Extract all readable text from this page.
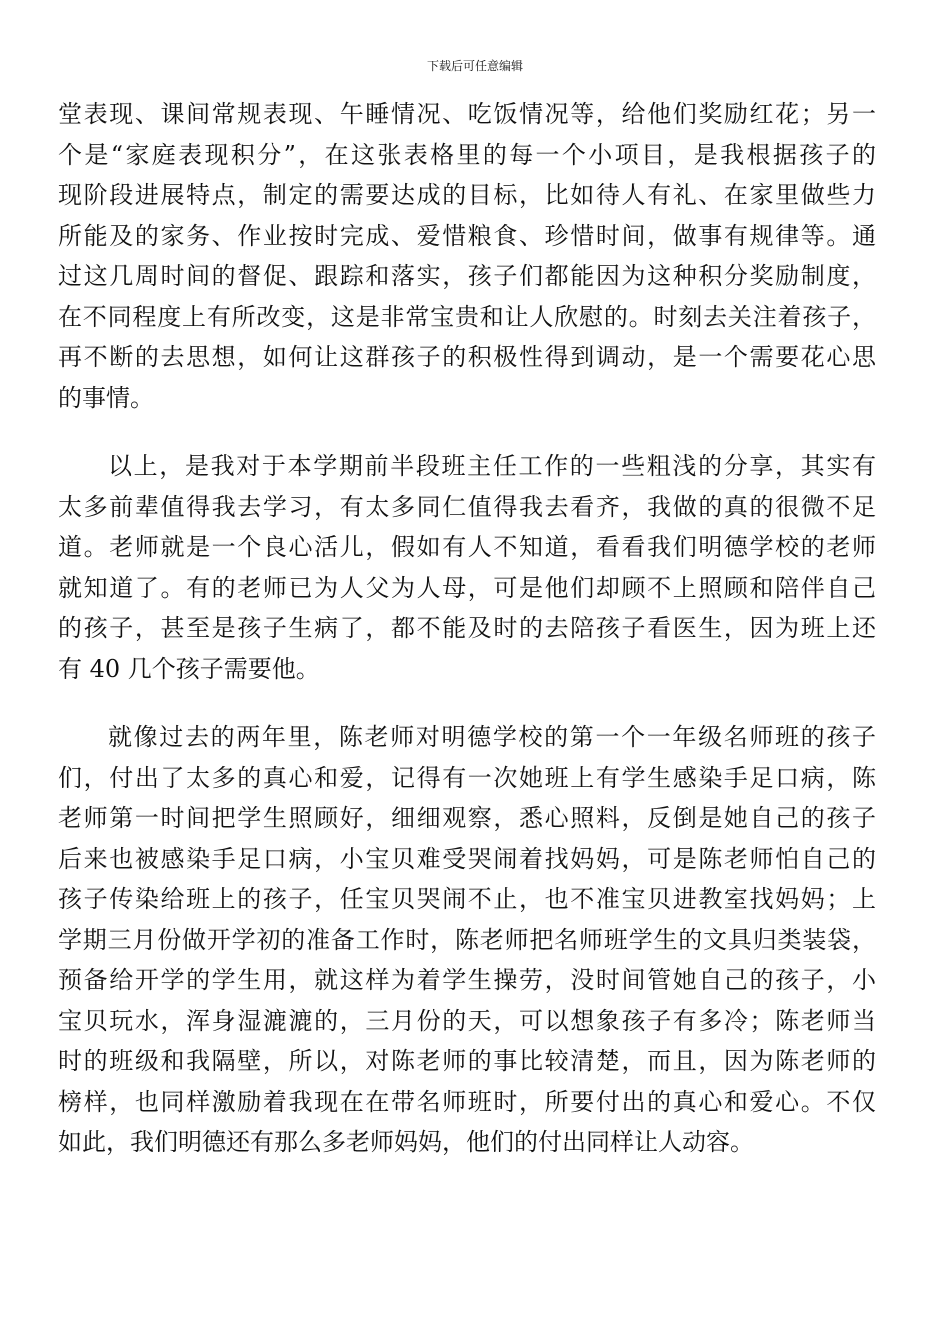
下载后可任意编辑
堂表现、课间常规表现、午睡情况、吃饭情况等，给他们奖励红花；另一
个是“家庭表现积分”，在这张表格里的每一个小项目，是我根据孩子的
现阶段进展特点，制定的需要达成的目标，比如待人有礼、在家里做些力
所能及的家务、作业按时完成、爱惜粮食、珍惜时间，做事有规律等。通
过这几周时间的督促、跟踪和落实，孩子们都能因为这种积分奖励制度，
在不同程度上有所改变，这是非常宝贵和让人欣慰的。时刻去关注着孩子，
再不断的去思想，如何让这群孩子的积极性得到调动，是一个需要花心思
的事情。
以上，是我对于本学期前半段班主任工作的一些粗浅的分享，其实有
太多前辈值得我去学习，有太多同仁值得我去看齐，我做的真的很微不足
道。老师就是一个良心活儿，假如有人不知道，看看我们明德学校的老师
就知道了。有的老师已为人父为人母，可是他们却顾不上照顾和陪伴自己
的孩子，甚至是孩子生病了，都不能及时的去陪孩子看医生，因为班上还
有 40 几个孩子需要他。
就像过去的两年里，陈老师对明德学校的第一个一年级名师班的孩子
们，付出了太多的真心和爱，记得有一次她班上有学生感染手足口病，陈
老师第一时间把学生照顾好，细细观察，悉心照料，反倒是她自己的孩子
后来也被感染手足口病，小宝贝难受哭闹着找妈妈，可是陈老师怕自己的
孩子传染给班上的孩子，任宝贝哭闹不止，也不准宝贝进教室找妈妈；上
学期三月份做开学初的准备工作时，陈老师把名师班学生的文具归类装袋，
预备给开学的学生用，就这样为着学生操劳，没时间管她自己的孩子，小
宝贝玩水，浑身湿漉漉的，三月份的天，可以想象孩子有多冷；陈老师当
时的班级和我隔壁，所以，对陈老师的事比较清楚，而且，因为陈老师的
榜样，也同样激励着我现在在带名师班时，所要付出的真心和爱心。不仅
如此，我们明德还有那么多老师妈妈，他们的付出同样让人动容。
